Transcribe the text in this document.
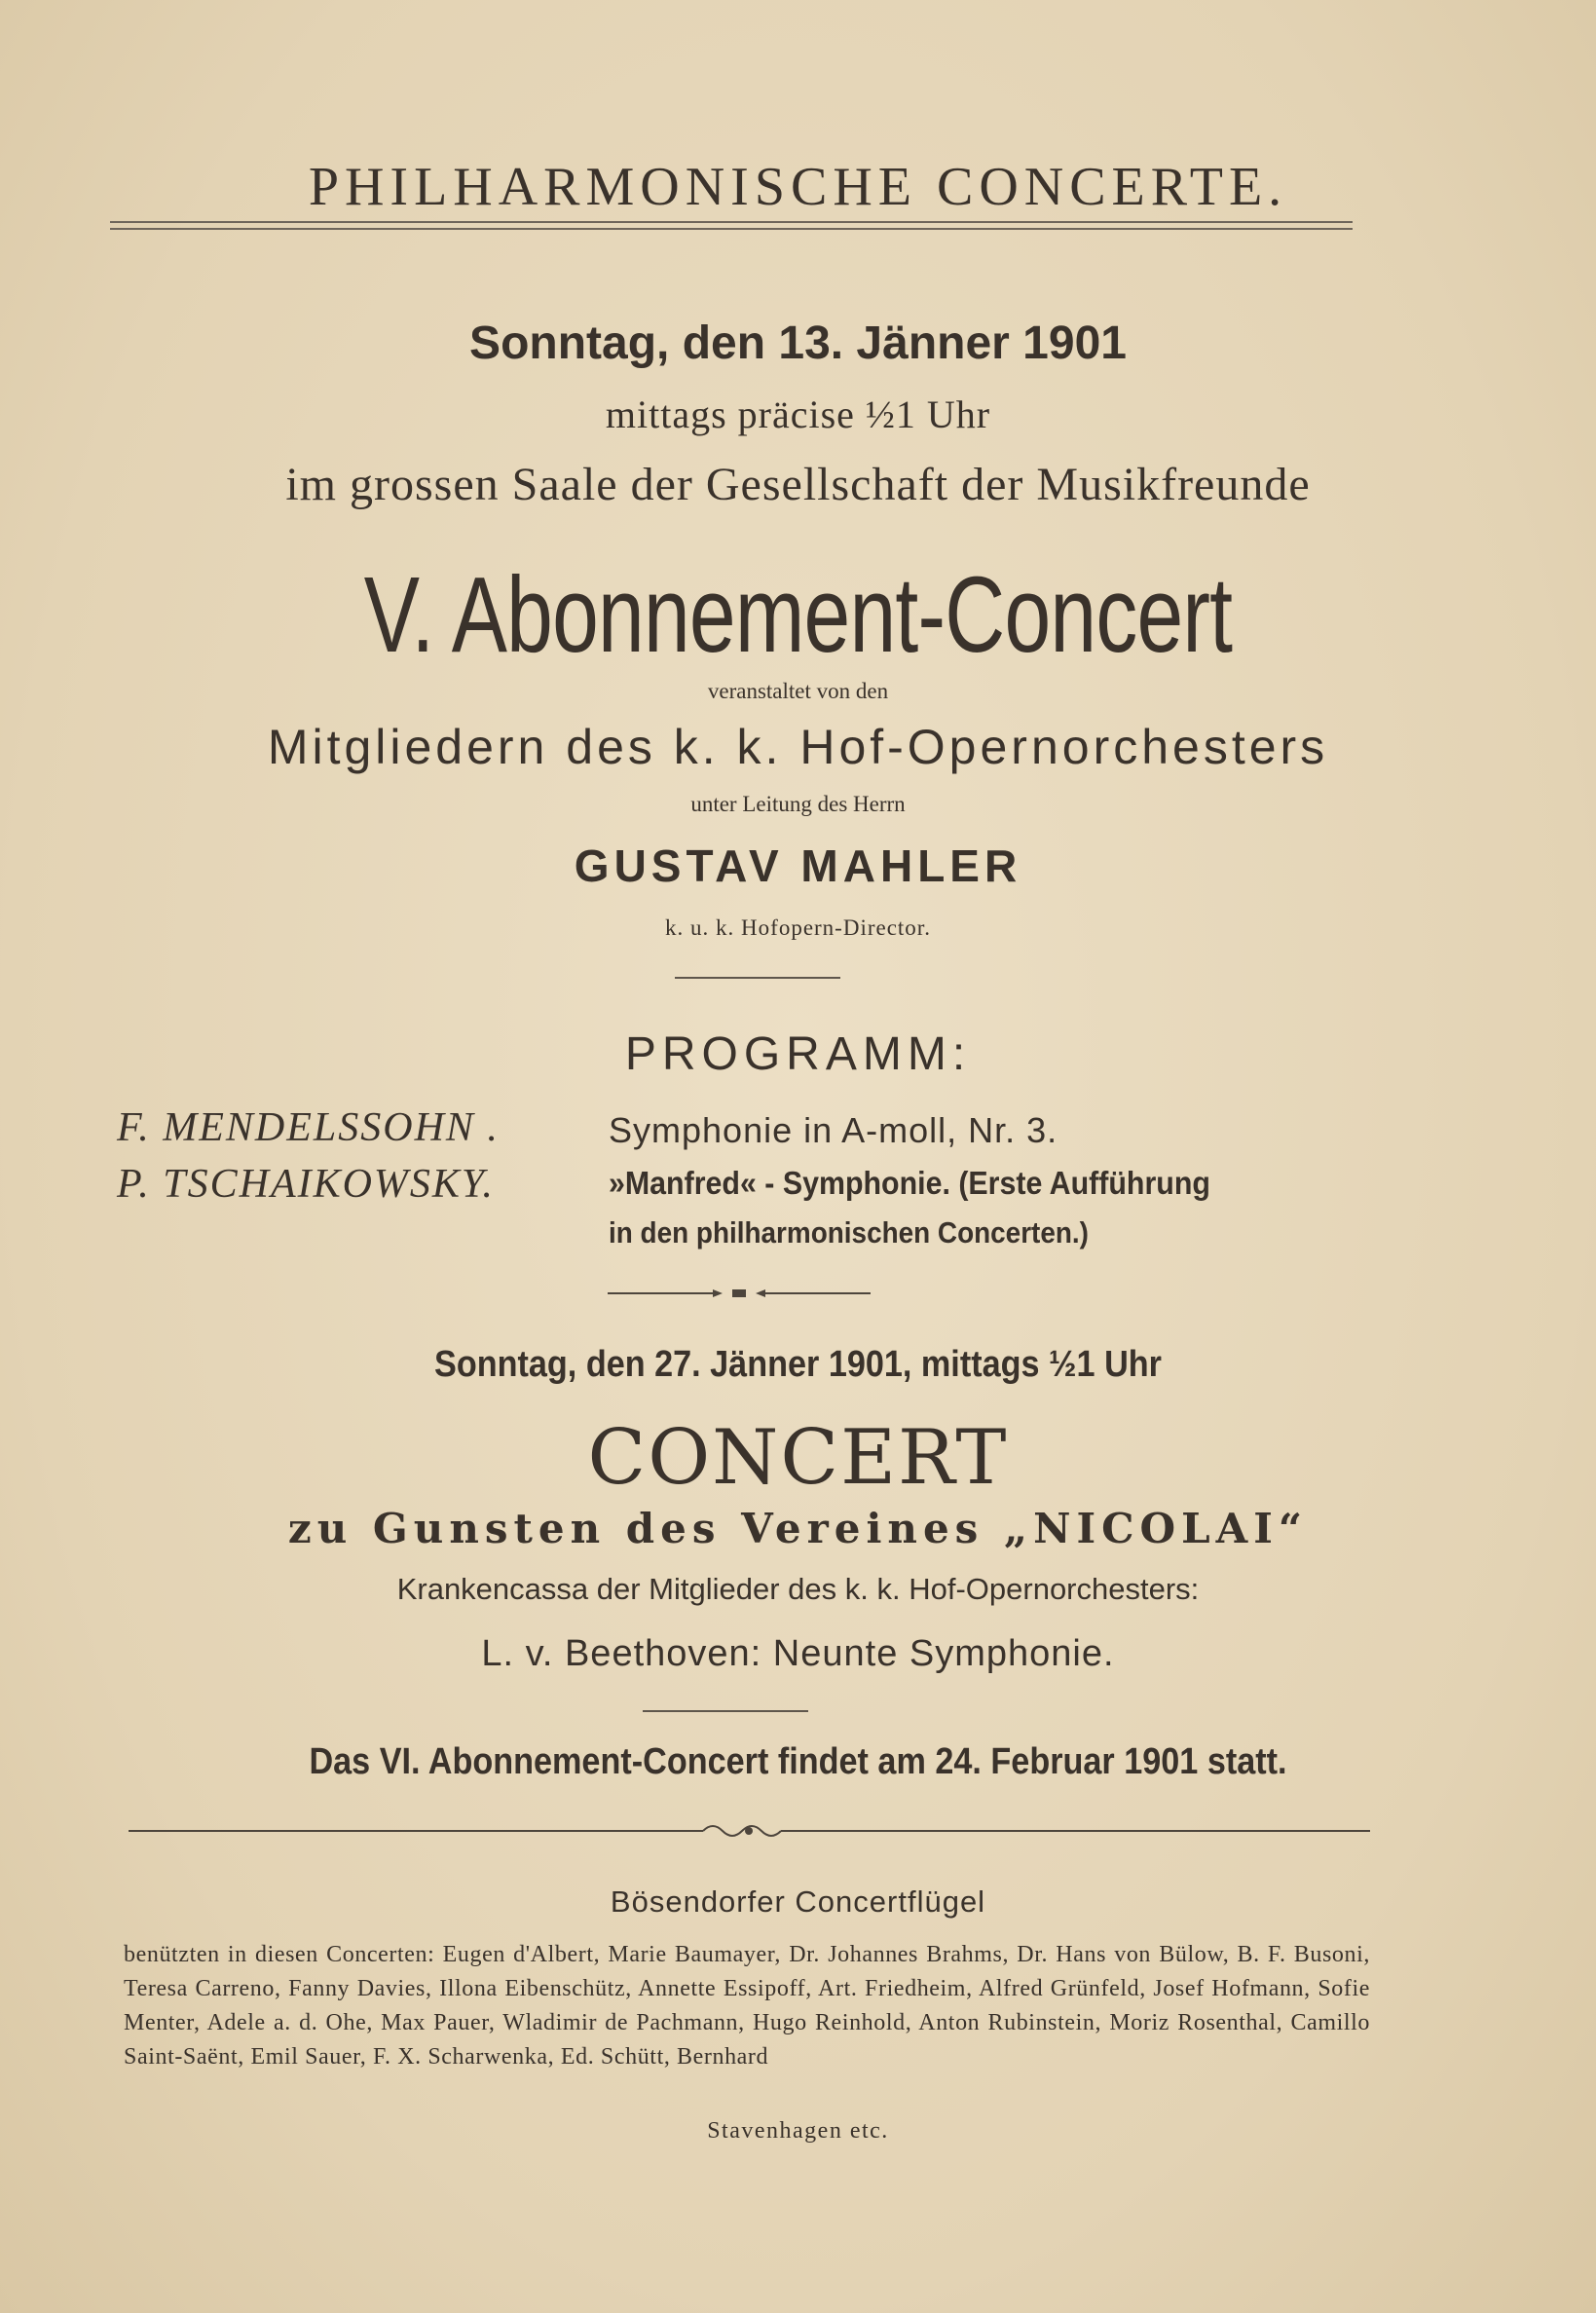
PHILHARMONISCHE CONCERTE.
Sonntag, den 13. Jänner 1901
mittags präcise ½1 Uhr
im grossen Saale der Gesellschaft der Musikfreunde
V. Abonnement-Concert
veranstaltet von den
Mitgliedern des k. k. Hof-Opernorchesters
unter Leitung des Herrn
GUSTAV MAHLER
k. u. k. Hofopern-Director.
PROGRAMM:
F. MENDELSSOHN .	Symphonie in A-moll, Nr. 3.
P. TSCHAIKOWSKY.	»Manfred« - Symphonie. (Erste Aufführung
in den philharmonischen Concerten.)
Sonntag, den 27. Jänner 1901, mittags ½1 Uhr
CONCERT
zu Gunsten des Vereines „NICOLAI“
Krankencassa der Mitglieder des k. k. Hof-Opernorchesters:
L. v. Beethoven: Neunte Symphonie.
Das VI. Abonnement-Concert findet am 24. Februar 1901 statt.
Bösendorfer Concertflügel
benützten in diesen Concerten: Eugen d'Albert, Marie Baumayer, Dr. Johannes Brahms, Dr. Hans von Bülow, B. F. Busoni, Teresa Carreno, Fanny Davies, Illona Eibenschütz, Annette Essipoff, Art. Friedheim, Alfred Grünfeld, Josef Hofmann, Sofie Menter, Adele a. d. Ohe, Max Pauer, Wladimir de Pachmann, Hugo Reinhold, Anton Rubinstein, Moriz Rosenthal, Camillo Saint-Saënt, Emil Sauer, F. X. Scharwenka, Ed. Schütt, Bernhard
Stavenhagen etc.
